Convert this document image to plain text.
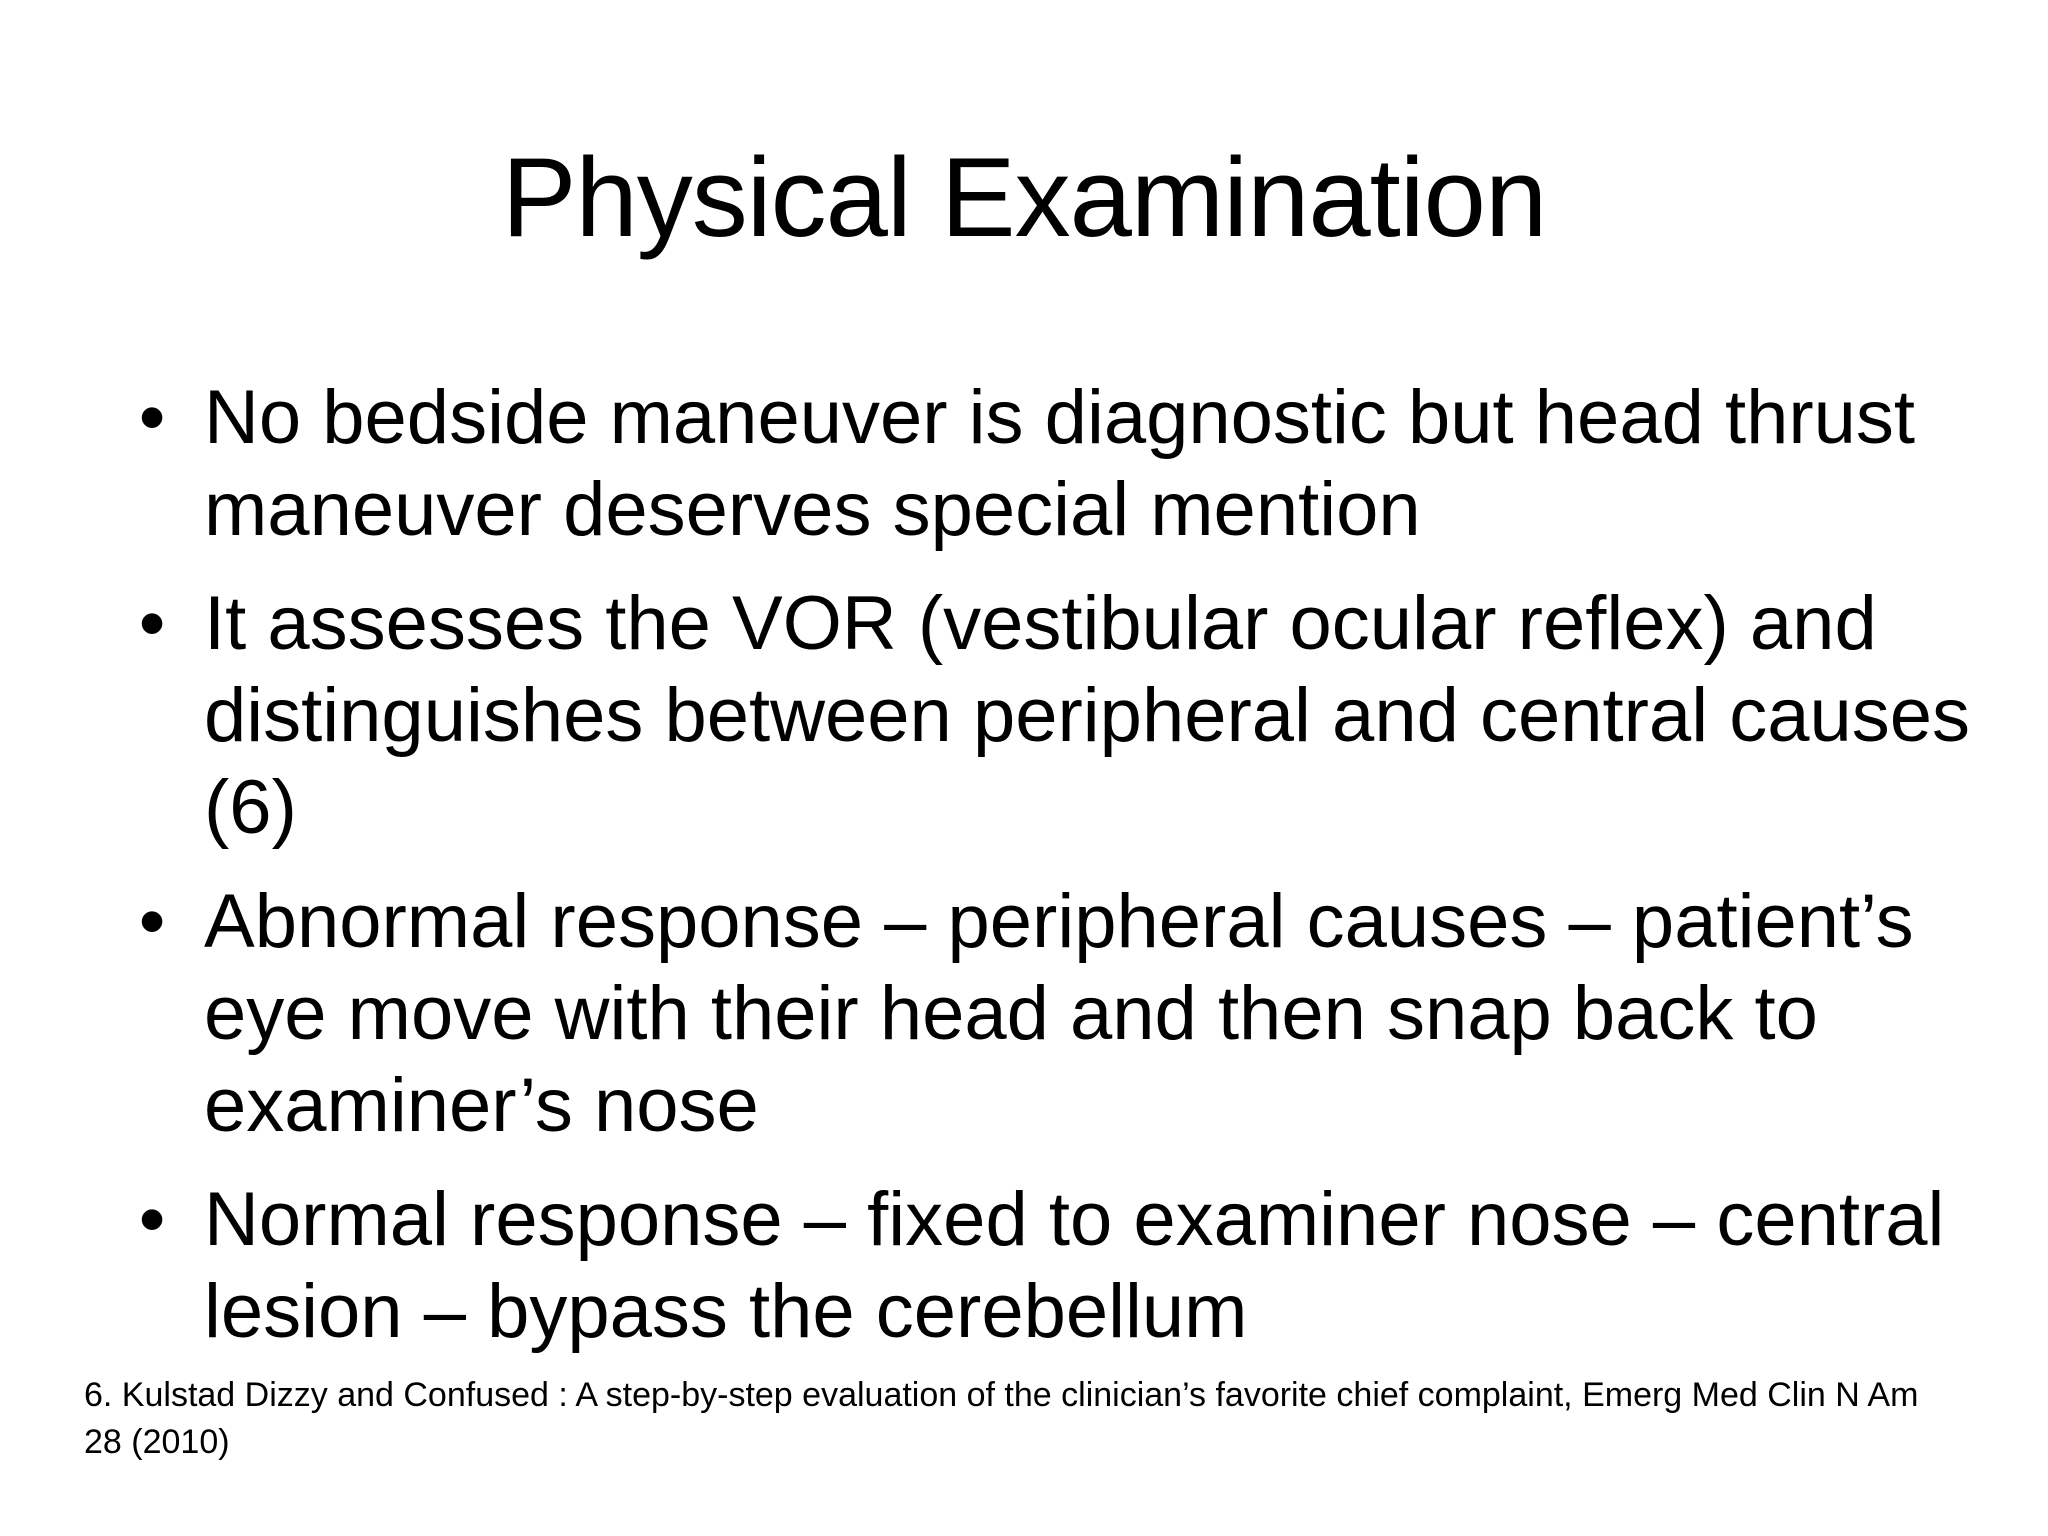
Physical Examination
• No bedside maneuver is diagnostic but head thrust maneuver deserves special mention
• It assesses the VOR (vestibular ocular reflex) and distinguishes between peripheral and central causes (6)
• Abnormal response – peripheral causes – patient’s eye move with their head and then snap back to examiner’s nose
• Normal response – fixed to examiner nose – central lesion – bypass the cerebellum

6. Kulstad Dizzy and Confused : A step-by-step evaluation of the clinician’s favorite chief complaint, Emerg Med Clin N Am 28 (2010)
